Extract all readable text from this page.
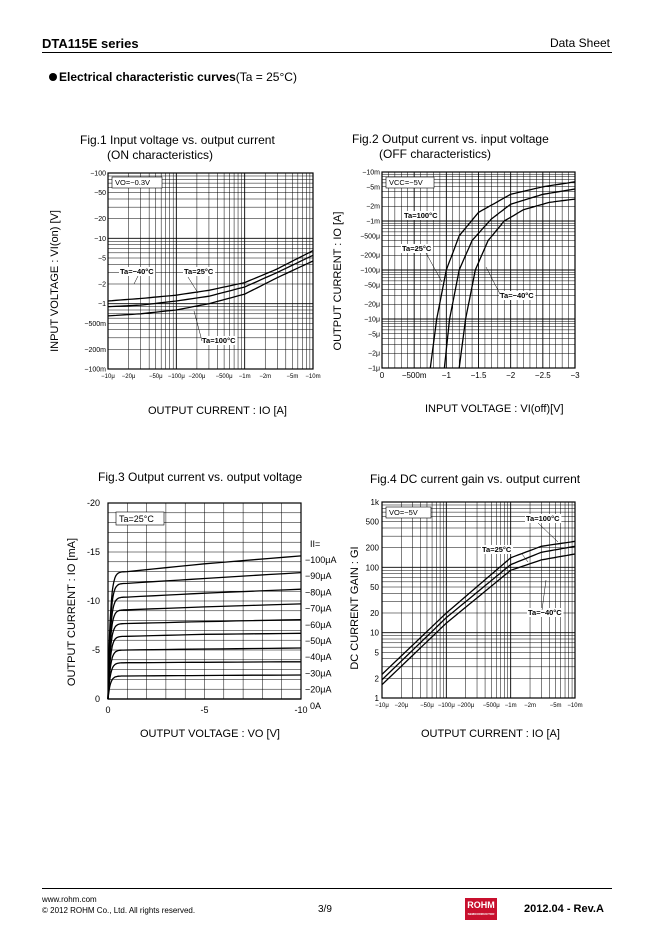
DTA115E series	Data Sheet
Electrical characteristic curves(Ta = 25°C)
Fig.1 Input voltage vs. output current
(ON characteristics)
Fig.2 Output current vs. input voltage
(OFF characteristics)
Fig.3 Output current vs. output voltage	Fig.4 DC current gain vs. output current
OUTPUT CURRENT : IO [A]
INPUT VOLTAGE : VI(on) [V]
INPUT VOLTAGE : VI(off)[V]
OUTPUT CURRENT : IO [A]
OUTPUT VOLTAGE : VO [V]
OUTPUT CURRENT : IO [mA]
OUTPUT CURRENT : IO [A]
DC CURRENT GAIN : GI
−10μ −20μ −50μ −100μ −200μ −500μ −1m −2m	−5m −10m
−100
−50
−20
−10
−5
−2
−1
−500m
−200m
−100m
VO=−0.3V
Ta=−40°C	Ta=25°C
Ta=100°C
0 −500m −1 −1.5 −2 −2.5 −3
−10m
−5m
−2m
−1m
−500μ
−200μ
−100μ
−50μ
−20μ
−10μ
−5μ
−2μ
−1μ
VCC=−5V
Ta=100°C
Ta=25°C
Ta=−40°C
0	-5	-10
-20
-15
-10
-5
0
Ta=25°C
II=
−100μA
−90μA
−80μA
−70μA
−60μA
−50μA
−40μA
−30μA
−20μA
0A	−10μ −20μ −50μ −100μ −200μ −500μ −1m −2m −5m −10m
1k
500
200
100
50
20
10
5
2
1
VO=−5V
Ta=100°C
Ta=25°C
Ta=−40°C
www.rohm.com
© 2012 ROHM Co., Ltd. All rights reserved.	3/9	ROHM
SEMICONDUCTOR	2012.04 - Rev.A
